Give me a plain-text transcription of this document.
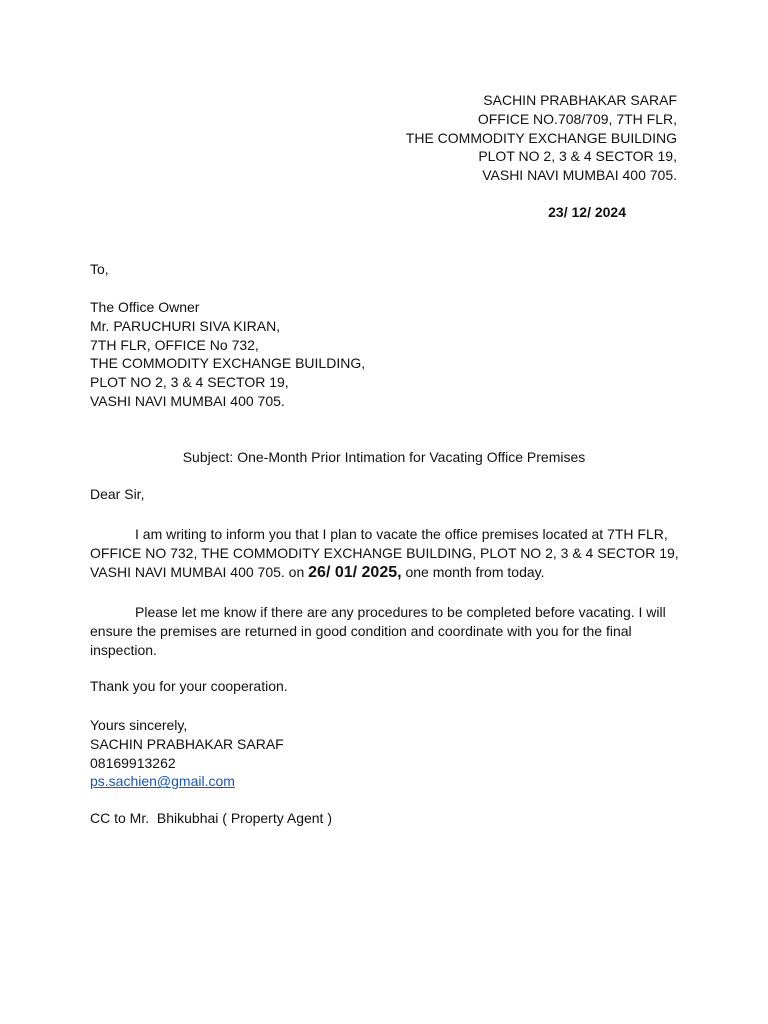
SACHIN PRABHAKAR SARAF
OFFICE NO.708/709, 7TH FLR,
THE COMMODITY EXCHANGE BUILDING
PLOT NO 2, 3 & 4 SECTOR 19,
VASHI NAVI MUMBAI 400 705.
23/ 12/ 2024
To,
The Office Owner
Mr. PARUCHURI SIVA KIRAN,
7TH FLR, OFFICE No 732,
THE COMMODITY EXCHANGE BUILDING,
PLOT NO 2, 3 & 4 SECTOR 19,
VASHI NAVI MUMBAI 400 705.
Subject: One-Month Prior Intimation for Vacating Office Premises
Dear Sir,
I am writing to inform you that I plan to vacate the office premises located at 7TH FLR,
OFFICE NO 732, THE COMMODITY EXCHANGE BUILDING, PLOT NO 2, 3 & 4 SECTOR 19,
VASHI NAVI MUMBAI 400 705. on 26/ 01/ 2025, one month from today.
Please let me know if there are any procedures to be completed before vacating. I will
ensure the premises are returned in good condition and coordinate with you for the final
inspection.
Thank you for your cooperation.
Yours sincerely,
SACHIN PRABHAKAR SARAF
08169913262
ps.sachien@gmail.com
CC to Mr.  Bhikubhai ( Property Agent )
